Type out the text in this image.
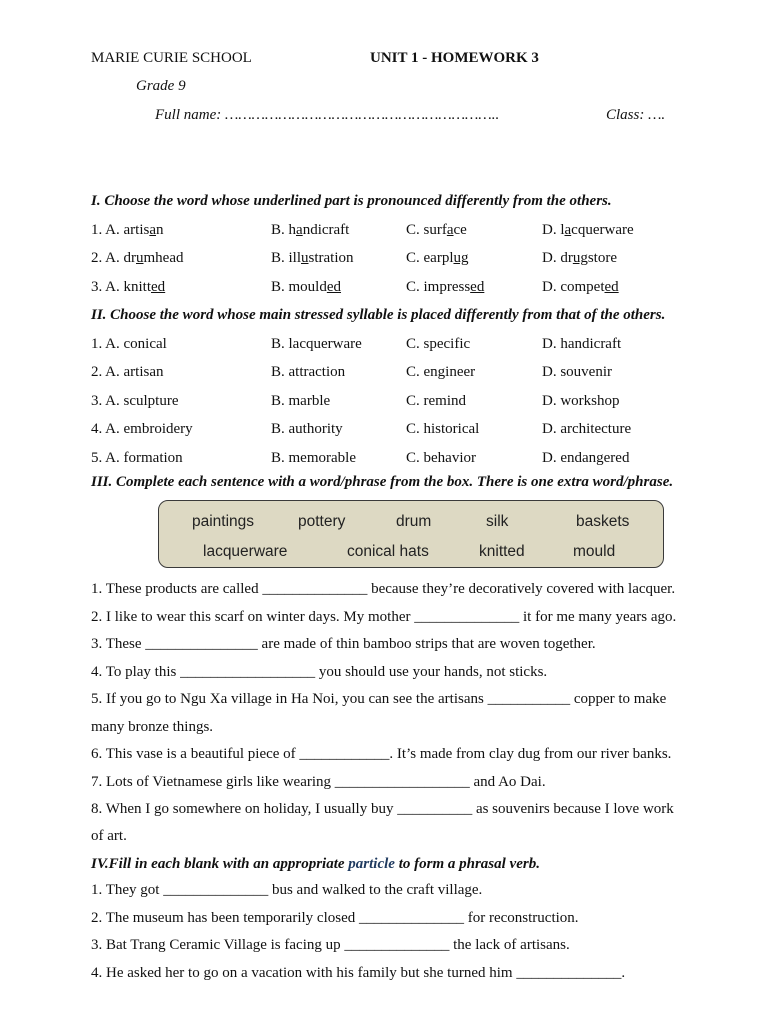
MARIE CURIE SCHOOL	UNIT 1 - HOMEWORK 3
Grade 9
Full name: ……………………………………………………..	Class: ….
I. Choose the word whose underlined part is pronounced differently from the others.
1. A. artisan	B. handicraft	C. surface	D. lacquerware
2. A. drumhead	B. illustration	C. earplug	D. drugstore
3. A. knitted	B. moulded	C. impressed	D. competed
II. Choose the word whose main stressed syllable is placed differently from that of the others.
1. A. conical	B. lacquerware	C. specific	D. handicraft
2. A. artisan	B. attraction	C. engineer	D. souvenir
3. A. sculpture	B. marble	C. remind	D. workshop
4. A. embroidery	B. authority	C. historical	D. architecture
5. A. formation	B. memorable	C. behavior	D. endangered
III. Complete each sentence with a word/phrase from the box. There is one extra word/phrase.
paintings	pottery	drum	silk	baskets
lacquerware	conical hats	knitted	mould
1. These products are called ______________ because they’re decoratively covered with lacquer.
2. I like to wear this scarf on winter days. My mother ______________ it for me many years ago.
3. These _______________ are made of thin bamboo strips that are woven together.
4. To play this __________________ you should use your hands, not sticks.
5. If you go to Ngu Xa village in Ha Noi, you can see the artisans ___________ copper to make
many bronze things.
6. This vase is a beautiful piece of ____________. It’s made from clay dug from our river banks.
7. Lots of Vietnamese girls like wearing __________________ and Ao Dai.
8. When I go somewhere on holiday, I usually buy __________ as souvenirs because I love work
of art.
IV.Fill in each blank with an appropriate particle to form a phrasal verb.
1. They got ______________ bus and walked to the craft village.
2. The museum has been temporarily closed ______________ for reconstruction.
3. Bat Trang Ceramic Village is facing up ______________ the lack of artisans.
4. He asked her to go on a vacation with his family but she turned him ______________.
